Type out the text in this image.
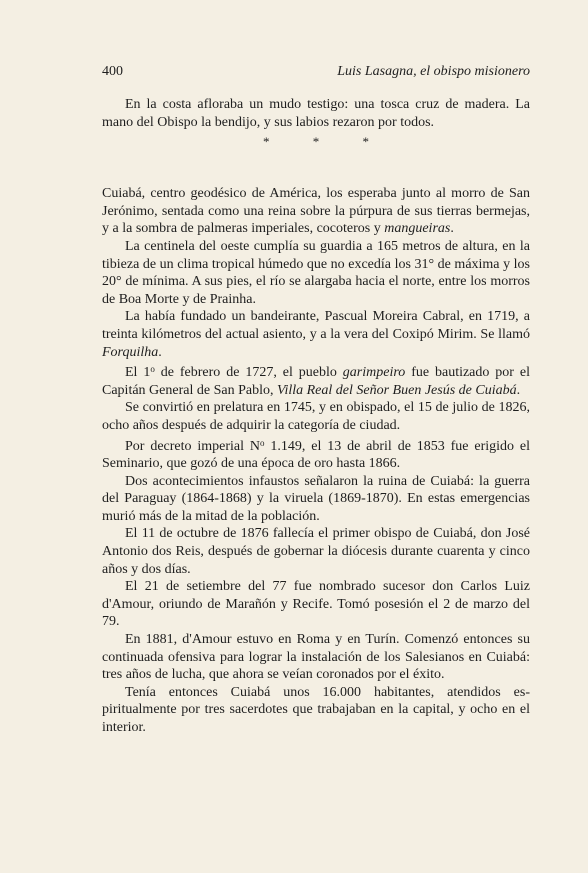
400	Luis Lasagna, el obispo misionero

En la costa afloraba un mudo testigo: una tosca cruz de madera. La mano del Obispo la bendijo, y sus labios rezaron por todos.

* * *

Cuiabá, centro geodésico de América, los esperaba junto al morro de San Jerónimo, sentada como una reina sobre la púrpura de sus tierras bermejas, y a la sombra de palmeras imperiales, cocoteros y mangueiras.

La centinela del oeste cumplía su guardia a 165 metros de altura, en la tibieza de un clima tropical húmedo que no excedía los 31° de máxima y los 20° de mínima. A sus pies, el río se alargaba hacia el norte, entre los morros de Boa Morte y de Prainha.

La había fundado un bandeirante, Pascual Moreira Cabral, en 1719, a treinta kilómetros del actual asiento, y a la vera del Coxipó Mirim. Se llamó Forquilha.

El 1$^o$ de febrero de 1727, el pueblo garimpeiro fue bautizado por el Capitán General de San Pablo, Villa Real del Señor Buen Jesús de Cuiabá.

Se convirtió en prelatura en 1745, y en obispado, el 15 de julio de 1826, ocho años después de adquirir la categoría de ciudad.

Por decreto imperial $N^o$ 1.149, el 13 de abril de 1853 fue erigido el Seminario, que gozó de una época de oro hasta 1866.

Dos acontecimientos infaustos señalaron la ruina de Cuiabá: la guerra del Paraguay (1864-1868) y la viruela (1869-1870). En estas emergencias murió más de la mitad de la población.

El 11 de octubre de 1876 fallecía el primer obispo de Cuiabá, don José Antonio dos Reis, después de gobernar la diócesis durante cuarenta y cinco años y dos días.

El 21 de setiembre del 77 fue nombrado sucesor don Carlos Luiz d'Amour, oriundo de Marañón y Recife. Tomó posesión el 2 de marzo del 79.

En 1881, d'Amour estuvo en Roma y en Turín. Comenzó entonces su continuada ofensiva para lograr la instalación de los Salesianos en Cuiabá: tres años de lucha, que ahora se veían coronados por el éxito.

Tenía entonces Cuiabá unos 16.000 habitantes, atendidos espiritualmente por tres sacerdotes que trabajaban en la capital, y ocho en el interior.
